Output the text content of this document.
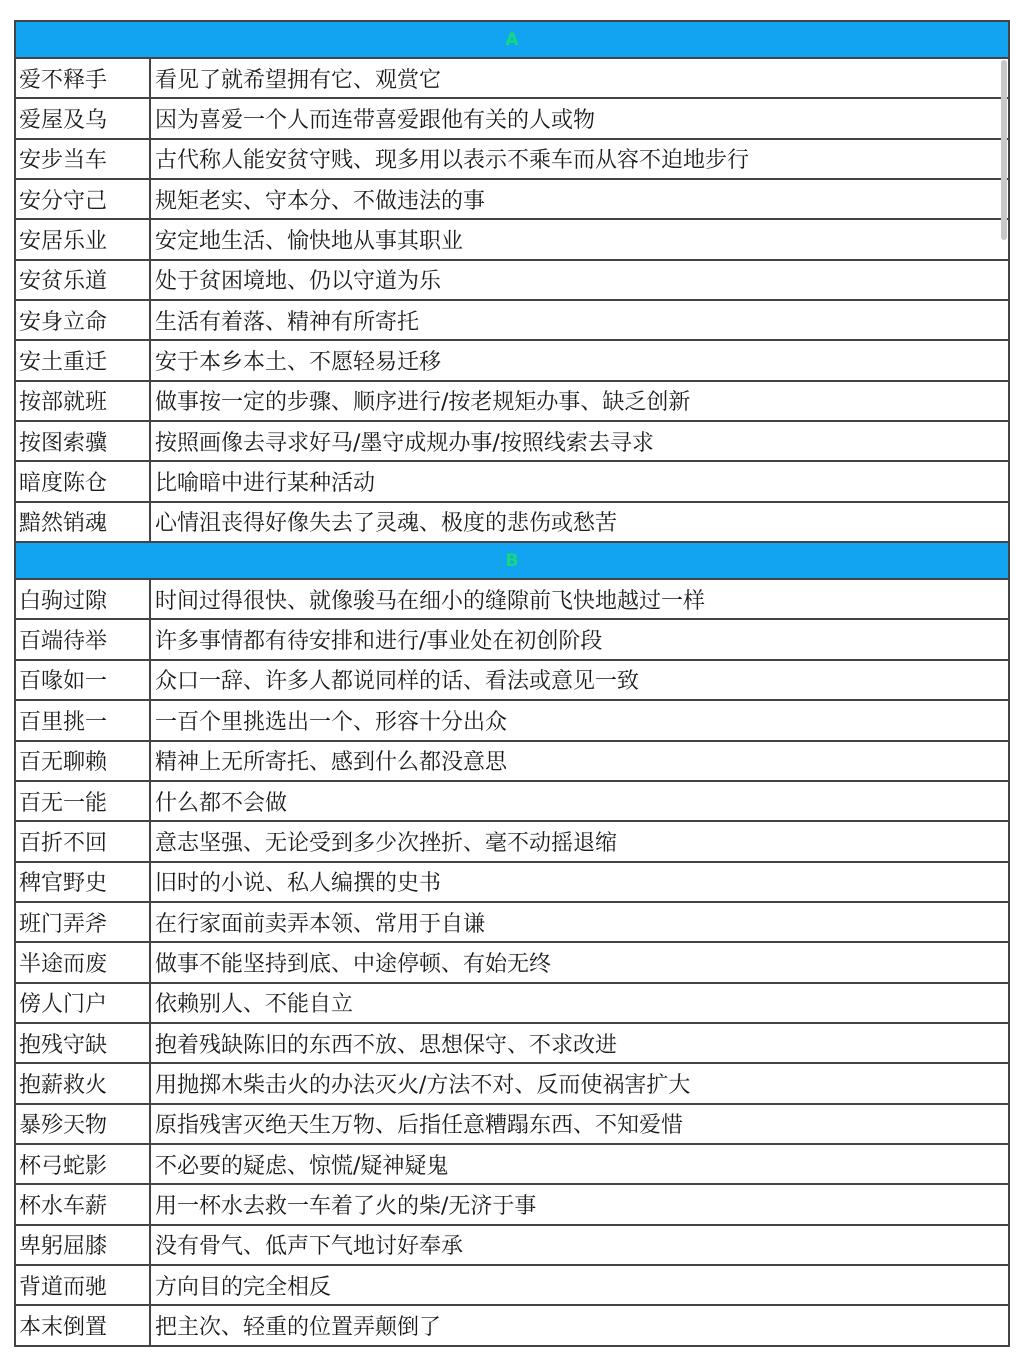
A
爱不释手	看见了就希望拥有它、观赏它
爱屋及乌	因为喜爱一个人而连带喜爱跟他有关的人或物
安步当车	古代称人能安贫守贱、现多用以表示不乘车而从容不迫地步行
安分守己	规矩老实、守本分、不做违法的事
安居乐业	安定地生活、愉快地从事其职业
安贫乐道	处于贫困境地、仍以守道为乐
安身立命	生活有着落、精神有所寄托
安土重迁	安于本乡本土、不愿轻易迁移
按部就班	做事按一定的步骤、顺序进行/按老规矩办事、缺乏创新
按图索骥	按照画像去寻求好马/墨守成规办事/按照线索去寻求
暗度陈仓	比喻暗中进行某种活动
黯然销魂	心情沮丧得好像失去了灵魂、极度的悲伤或愁苦
B
白驹过隙	时间过得很快、就像骏马在细小的缝隙前飞快地越过一样
百端待举	许多事情都有待安排和进行/事业处在初创阶段
百喙如一	众口一辞、许多人都说同样的话、看法或意见一致
百里挑一	一百个里挑选出一个、形容十分出众
百无聊赖	精神上无所寄托、感到什么都没意思
百无一能	什么都不会做
百折不回	意志坚强、无论受到多少次挫折、毫不动摇退缩
稗官野史	旧时的小说、私人编撰的史书
班门弄斧	在行家面前卖弄本领、常用于自谦
半途而废	做事不能坚持到底、中途停顿、有始无终
傍人门户	依赖别人、不能自立
抱残守缺	抱着残缺陈旧的东西不放、思想保守、不求改进
抱薪救火	用抛掷木柴击火的办法灭火/方法不对、反而使祸害扩大
暴殄天物	原指残害灭绝天生万物、后指任意糟蹋东西、不知爱惜
杯弓蛇影	不必要的疑虑、惊慌/疑神疑鬼
杯水车薪	用一杯水去救一车着了火的柴/无济于事
卑躬屈膝	没有骨气、低声下气地讨好奉承
背道而驰	方向目的完全相反
本末倒置	把主次、轻重的位置弄颠倒了
